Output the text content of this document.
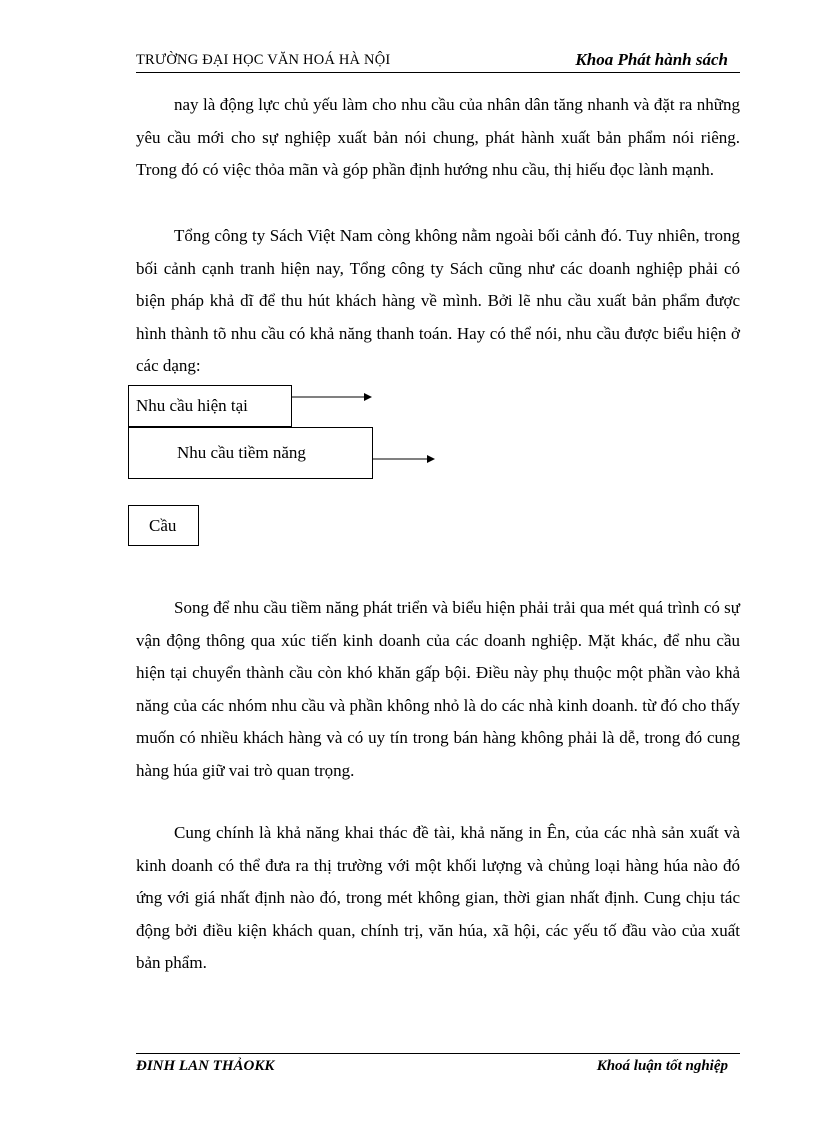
TRƯỜNG ĐẠI HỌC VĂN HOÁ HÀ NỘI	Khoa Phát hành sách

nay là động lực chủ yếu làm cho nhu cầu của nhân dân tăng nhanh và đặt ra những yêu cầu mới cho sự nghiệp xuất bản nói chung, phát hành xuất bản phẩm nói riêng. Trong đó có việc thỏa mãn và góp phần định hướng nhu cầu, thị hiếu đọc lành mạnh.

Tổng công ty Sách Việt Nam còng không nằm ngoài bối cảnh đó. Tuy nhiên, trong bối cảnh cạnh tranh hiện nay, Tổng công ty Sách cũng như các doanh nghiệp phải có biện pháp khả dĩ để thu hút khách hàng về mình. Bởi lẽ nhu cầu xuất bản phẩm được hình thành tõ nhu cầu có khả năng thanh toán. Hay có thể nói, nhu cầu được biểu hiện ở các dạng:

Nhu cầu hiện tại
Nhu cầu tiềm năng
Cầu

Song để nhu cầu tiềm năng phát triển và biểu hiện phải trải qua mét quá trình có sự vận động thông qua xúc tiến kinh doanh của các doanh nghiệp. Mặt khác, để nhu cầu hiện tại chuyển thành cầu còn khó khăn gấp bội. Điều này phụ thuộc một phần vào khả năng của các nhóm nhu cầu và phần không nhỏ là do các nhà kinh doanh. từ đó cho thấy muốn có nhiều khách hàng và có uy tín trong bán hàng không phải là dễ, trong đó cung hàng húa giữ vai trò quan trọng.

Cung chính là khả năng khai thác đề tài, khả năng in Ên, của các nhà sản xuất và kinh doanh có thể đưa ra thị trường với một khối lượng và chủng loại hàng húa nào đó ứng với giá nhất định nào đó, trong mét không gian, thời gian nhất định. Cung chịu tác động bởi điều kiện khách quan, chính trị, văn húa, xã hội, các yếu tố đầu vào của xuất bản phẩm.

ĐINH LAN THẢOKK	Khoá luận tốt nghiệp
